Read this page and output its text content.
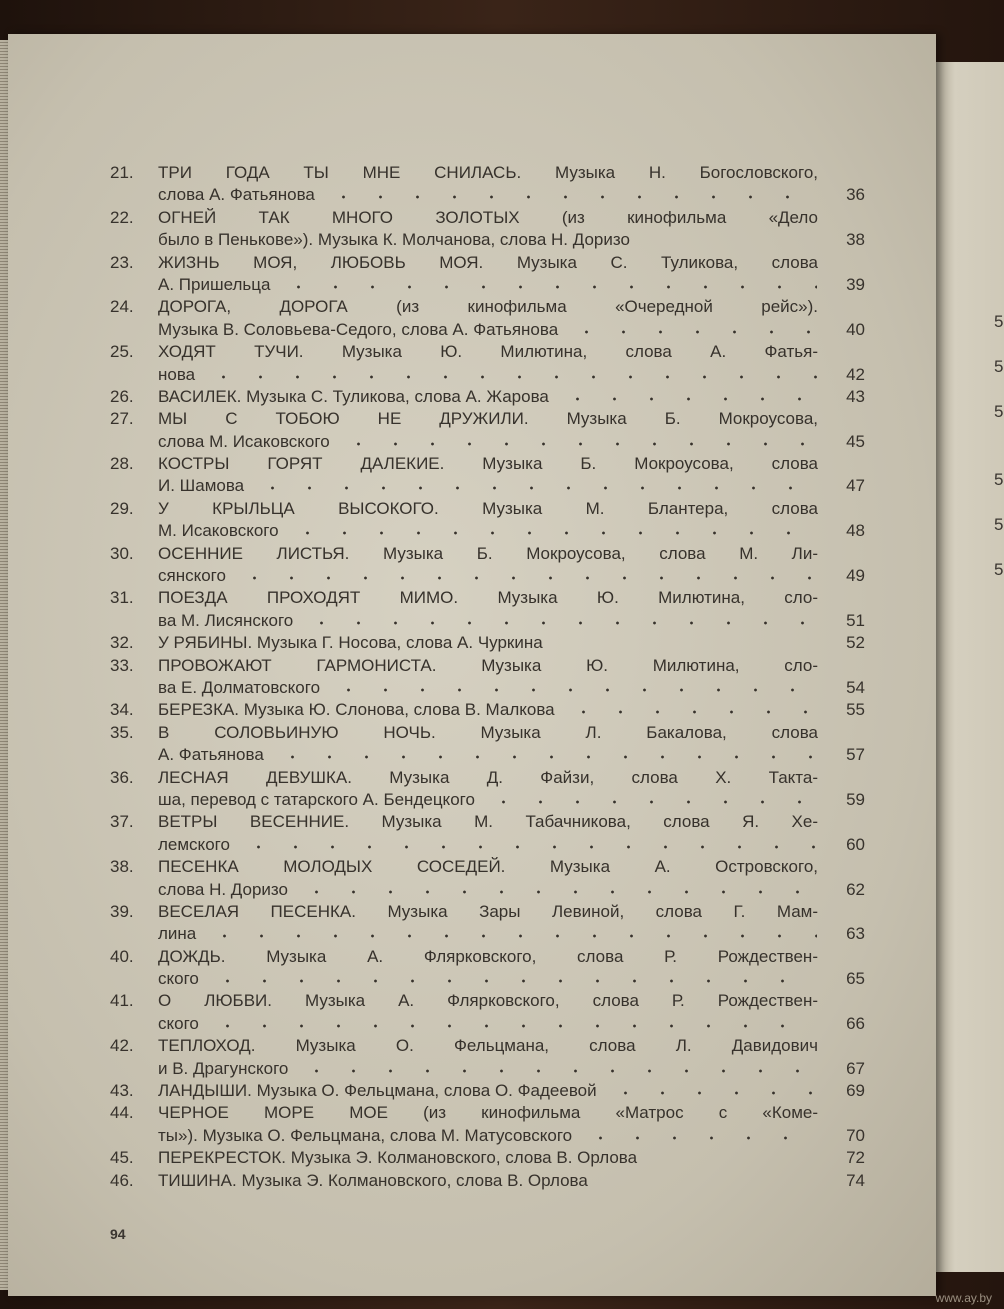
5
5
5
5
5
5
21.	ТРИ ГОДА ТЫ МНЕ СНИЛАСЬ. Музыка Н. Богословского,
слова А. Фатьянова	36
22.	ОГНЕЙ ТАК МНОГО ЗОЛОТЫХ (из кинофильма «Дело
было в Пенькове»). Музыка К. Молчанова, слова Н. Доризо	38
23.	ЖИЗНЬ МОЯ, ЛЮБОВЬ МОЯ. Музыка С. Туликова, слова
А. Пришельца	39
24.	ДОРОГА, ДОРОГА (из кинофильма «Очередной рейс»).
Музыка В. Соловьева-Седого, слова А. Фатьянова	40
25.	ХОДЯТ ТУЧИ. Музыка Ю. Милютина, слова А. Фатья-
нова	42
26.	ВАСИЛЕК. Музыка С. Туликова, слова А. Жарова	43
27.	МЫ С ТОБОЮ НЕ ДРУЖИЛИ. Музыка Б. Мокроусова,
слова М. Исаковского	45
28.	КОСТРЫ ГОРЯТ ДАЛЕКИЕ. Музыка Б. Мокроусова, слова
И. Шамова	47
29.	У КРЫЛЬЦА ВЫСОКОГО. Музыка М. Блантера, слова
М. Исаковского	48
30.	ОСЕННИЕ ЛИСТЬЯ. Музыка Б. Мокроусова, слова М. Ли-
сянского	49
31.	ПОЕЗДА ПРОХОДЯТ МИМО. Музыка Ю. Милютина, сло-
ва М. Лисянского	51
32.	У РЯБИНЫ. Музыка Г. Носова, слова А. Чуркина	52
33.	ПРОВОЖАЮТ ГАРМОНИСТА. Музыка Ю. Милютина, сло-
ва Е. Долматовского	54
34.	БЕРЕЗКА. Музыка Ю. Слонова, слова В. Малкова	55
35.	В СОЛОВЬИНУЮ НОЧЬ. Музыка Л. Бакалова, слова
А. Фатьянова	57
36.	ЛЕСНАЯ ДЕВУШКА. Музыка Д. Файзи, слова Х. Такта-
ша, перевод с татарского А. Бендецкого	59
37.	ВЕТРЫ ВЕСЕННИЕ. Музыка М. Табачникова, слова Я. Хе-
лемского	60
38.	ПЕСЕНКА МОЛОДЫХ СОСЕДЕЙ. Музыка А. Островского,
слова Н. Доризо	62
39.	ВЕСЕЛАЯ ПЕСЕНКА. Музыка Зары Левиной, слова Г. Мам-
лина	63
40.	ДОЖДЬ. Музыка А. Флярковского, слова Р. Рождествен-
ского	65
41.	О ЛЮБВИ. Музыка А. Флярковского, слова Р. Рождествен-
ского	66
42.	ТЕПЛОХОД. Музыка О. Фельцмана, слова Л. Давидович
и В. Драгунского	67
43.	ЛАНДЫШИ. Музыка О. Фельцмана, слова О. Фадеевой	69
44.	ЧЕРНОЕ МОРЕ МОЕ (из кинофильма «Матрос с «Коме-
ты»). Музыка О. Фельцмана, слова М. Матусовского	70
45.	ПЕРЕКРЕСТОК. Музыка Э. Колмановского, слова В. Орлова	72
46.	ТИШИНА. Музыка Э. Колмановского, слова В. Орлова	74
94
www.ay.by
